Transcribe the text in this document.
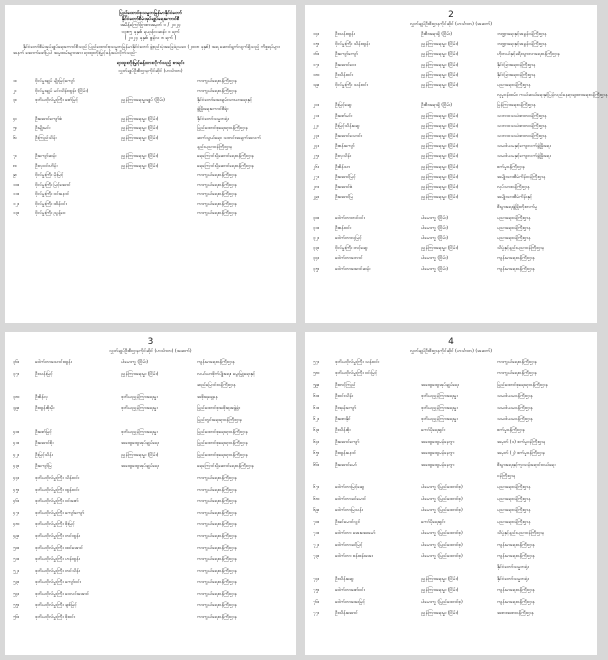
ပြည်ထောင်စုသမ္မတမြန်မာနိုင်ငံတော်
နိုင်ငံတော်စီမံအုပ်ချုပ်ရေးကောင်စီ
အမိန့်ကြော်ငြာစာအမှတ် ၁ / ၂၀၂၄
၁၃၈၅ ခုနှစ်၊ နယုန်လဆန်း ၁ ရက်
( ၂၀၂၄ ခုနှစ်၊ ဇွန်လ ၈ ရက် )
နိုင်ငံတော်စီမံအုပ်ချုပ်ရေးကောင်စီသည် ပြည်ထောင်စုသမ္မတမြန်မာနိုင်ငံတော် ဖွဲ့စည်းပုံအခြေခံဥပဒေ (၂၀၀၈ ခုနှစ်) အရ ဆောင်ရွက်လျက်ရှိသည့် ကိစ္စရပ်များအနက် အောက်ဖော်ပြပါ အမှုထမ်းများအား ရာထူးတိုးမြှင့်ခန့်အပ်လိုက်သည်-
ရာထူးတိုးမြှင့်ခန့်ထားလိုက်သည့် စာရင်း
လွှတ်ချုပ်ဦးစီးဌာနကိုင်ဆိုင် (ဟင်္သာတ)
၁။	ဗိုလ်မှူးချုပ် မျိုးမြင့်ကျော်	ကာကွယ်ရေးဝန်ကြီးဌာန
၂။	ဗိုလ်မှူးချုပ် မင်းသိန်းထွန်း (ငြိမ်း)	ကာကွယ်ရေးဝန်ကြီးဌာန
၃။	ဒုတိယဗိုလ်မှူးကြီး ဇော်မြင့်	ညွှန်ကြားရေးမှူးချုပ် (ငြိမ်း)	နိုင်ငံတော်အေးချမ်းသာယာရေးနှင့်
ဖွံ့ဖြိုးရေးကောင်စီရုံး
၄။	ဦးအောင်ကျော်ဇံ	ညွှန်ကြားရေးမှူး (ငြိမ်း)	နိုင်ငံတော်သမ္မတရုံး
၅။	ဦးမျိုးမင်း	ညွှန်ကြားရေးမှူး (ငြိမ်း)	ပြည်ထောင်စုရေးရာဝန်ကြီးဌာန
၆။	ဦးကြည်သိန်း	ညွှန်ကြားရေးမှူး (ငြိမ်း)	ဆက်သွယ်ရေး၊ သတင်းအချက်အလက်
နည်းပညာဝန်ကြီးဌာန
၇။	ဦးကျော်ဆန်း	ညွှန်ကြားရေးမှူး (ငြိမ်း)	ရေကြောင်းပို့ဆောင်ရေးဝန်ကြီးဌာန
၈။	ဦးလှဝင်းဟိန်း	ညွှန်ကြားရေးမှူး (ငြိမ်း)	ရေကြောင်းပို့ဆောင်ရေးဝန်ကြီးဌာန
၉။	ဗိုလ်မှူးကြီး မိုးမြင့်	ကာကွယ်ရေးဝန်ကြီးဌာန
၁၀။	ဗိုလ်မှူးကြီး မြင့်အောင်	ကာကွယ်ရေးဝန်ကြီးဌာန
၁၁။	ဗိုလ်မှူးကြီး ဝင်းနောင်	ကာကွယ်ရေးဝန်ကြီးဌာန
၁၂။	ဗိုလ်မှူးကြီး ထိန်ဝင်း	ကာကွယ်ရေးဝန်ကြီးဌာန
၁၃။	ဗိုလ်မှူးကြီး ညွန့်ဝေ	ကာကွယ်ရေးဝန်ကြီးဌာန
2
လွှတ်ချုပ်ဦးစီးဌာနကိုင်ဆိုင် (ဟင်္သာတ) (အဆက်)
၁၄။	ဦးသန်းထွန်း	ဦးစီးအရာရှိ (ငြိမ်း)	ဘဏ္ဍာရေးနှင့်အခွန်ဝန်ကြီးဌာန
၁၅။	ဗိုလ်မှူးကြီး သိန်းထွန်း	ညွှန်ကြားရေးမှူး (ငြိမ်း)	ဘဏ္ဍာရေးနှင့်အခွန်ဝန်ကြီးဌာန
၁၆။	ဦးကျော်ကျော်	ညွှန်ကြားရေးမှူး (ငြိမ်း)	ဟိုတယ်နှင့်ခရီးသွားလာရေးဝန်ကြီးဌာန
၁၇။	ဦးအောင်ဝေး	ညွှန်ကြားရေးမှူး (ငြိမ်း)	နိုင်ငံခြားရေးဝန်ကြီးဌာန
၁၈။	ဦးသိန်းဝင်း	ညွှန်ကြားရေးမှူး (ငြိမ်း)	နိုင်ငံခြားရေးဝန်ကြီးဌာန
၁၉။	ဗိုလ်မှူးကြီး သန်းဝင်း	ညွှန်ကြားရေးမှူး (ငြိမ်း)	ပညာရေးဝန်ကြီးဌာန
လူမှုဝန်ထမ်း၊ ကယ်ဆယ်ရေးနှင့်ပြန်လည်နေရာချထားရေးဝန်ကြီးဌာန
၂၀။	ဦးမြင့်ဆွေ	ဦးစီးအရာရှိ (ငြိမ်း)	ပြန်ကြားရေးဝန်ကြီးဌာန
၂၁။	ဦးဇော်မင်း	ညွှန်ကြားရေးမှူး (ငြိမ်း)	သဘာဝသယံဇာတဝန်ကြီးဌာန
၂၂။	ဦးမြင့်သိန်းဆွေ	ညွှန်ကြားရေးမှူး (ငြိမ်း)	သဘာဝသယံဇာတဝန်ကြီးဌာန
၂၃။	ဦးအောင်သောင်း	ညွှန်ကြားရေးမှူး (ငြိမ်း)	သဘာဝသယံဇာတဝန်ကြီးဌာန
၂၄။	ဦးစန်းကျော်	ညွှန်ကြားရေးမှူး (ငြိမ်း)	သမဝါယမနှင့်ကျေးလက်ဖွံ့ဖြိုးရေး
၂၅။	ဦးလှသိန်း	ညွှန်ကြားရေးမှူး (ငြိမ်း)	သမဝါယမနှင့်ကျေးလက်ဖွံ့ဖြိုးရေး
၂၆။	ဦးစိန်သာ	ညွှန်ကြားရေးမှူး (ငြိမ်း)	စက်မှုဝန်ကြီးဌာန
၂၇။	ဦးအောင်မြင့်	ညွှန်ကြားရေးမှူး (ငြိမ်း)	အမျိုးသားစီမံကိန်းဝန်ကြီးဌာန
၂၈။	ဦးအောင်ဇံ	ညွှန်ကြားရေးမှူး (ငြိမ်း)	လုပ်သားဝန်ကြီးဌာန
၂၉။	ဦးအောင်မြ	ညွှန်ကြားရေးမှူး (ငြိမ်း)	အမျိုးသားစီမံကိန်းနှင့်
စီးပွားရေးဖွံ့ဖြိုးတိုးတက်မှု
၃၀။	ဒေါက်တာတင်ဝင်း	ပါမောက္ခ (ငြိမ်း)	ပညာရေးဝန်ကြီးဌာန
၃၁။	ဦးစန်းဝင်း	ပါမောက္ခ (ငြိမ်း)	ပညာရေးဝန်ကြီးဌာန
၃၂။	ဒေါက်တာလှမြင့်	ပါမောက္ခ (ငြိမ်း)	ပညာရေးဝန်ကြီးဌာန
၃၃။	ဗိုလ်မှူးကြီး တင့်ဆွေ	ညွှန်ကြားရေးမှူး (ငြိမ်း)	သိပ္ပံနှင့်နည်းပညာဝန်ကြီးဌာန
၃၄။	ဒေါက်တာဘောင်	ပါမောက္ခ (ငြိမ်း)	ကျန်းမာရေးဝန်ကြီးဌာန
၃၅။	ဒေါက်တာအောင်ဆန်း	ပါမောက္ခ (ငြိမ်း)	ကျန်းမာရေးဝန်ကြီးဌာန
3
လွှတ်ချုပ်ဦးစီးဌာနကိုင်ဆိုင် (ဟင်္သာတ) (အဆက်)
၃၆။	ဒေါက်တာသောင်းထွန်း	ပါမောက္ခ (ငြိမ်း)	ကျန်းမာရေးဝန်ကြီးဌာန
၃၇။	ဦးသန်းမြင့်	ညွှန်ကြားရေးမှူး (ငြိမ်း)	လယ်ယာစိုက်ပျိုးရေး၊ မွေးမြူရေးနှင့်
ဆည်မြောင်းဝန်ကြီးဌာန
၃၈။	ဦးစိန်လှ	ဒုတိယညွှန်ကြားရေးမှူး	အစိုးရရှေ့နေ
၃၉။	ဦးထွန်းစိုးမိုး	ဒုတိယညွှန်ကြားရေးမှူး	ပြည်ထောင်စုအစိုးရအဖွဲ့ရုံး
ပြည်တွင်းရေးရာဝန်ကြီးဌာန
၄၀။	ဦးဇော်မြင့်	ဒုတိယညွှန်ကြားရေးမှူး	ပြည်ထောင်စုရေးရာဝန်ကြီးဌာန
၄၁။	ဦးအောင်စိုး	အထွေထွေအုပ်ချုပ်ရေး	ပြည်ထောင်စုရေးရာဝန်ကြီးဌာန
၄၂။	ဦးမြင့်သိန်း	ညွှန်ကြားရေးမှူး (ငြိမ်း)	ပြည်ထောင်စုရေးရာဝန်ကြီးဌာန
၄၃။	ဦးကျော်မြ	အထွေထွေအုပ်ချုပ်ရေး	ရေကြောင်းပို့ဆောင်ရေးဝန်ကြီးဌာန
၄၄။	ဒုတိယဗိုလ်မှူးကြီး သိန်းဝင်း	ကာကွယ်ရေးဝန်ကြီးဌာန
၄၅။	ဒုတိယဗိုလ်မှူးကြီး ထွန်းဝင်း	ကာကွယ်ရေးဝန်ကြီးဌာန
၄၆။	ဒုတိယဗိုလ်မှူးကြီး ဝင်းဇော်	ကာကွယ်ရေးဝန်ကြီးဌာန
၄၇။	ဒုတိယဗိုလ်မှူးကြီး ကျော်ကျော်	ကာကွယ်ရေးဝန်ကြီးဌာန
၄၈။	ဒုတိယဗိုလ်မှူးကြီး စိုးမြင့်	ကာကွယ်ရေးဝန်ကြီးဌာန
၄၉။	ဒုတိယဗိုလ်မှူးကြီး တင်ထွန်း	ကာကွယ်ရေးဝန်ကြီးဌာန
၅၀။	ဒုတိယဗိုလ်မှူးကြီး ထင်အောင်	ကာကွယ်ရေးဝန်ကြီးဌာန
၅၁။	ဒုတိယဗိုလ်မှူးကြီး ဟန်ထွန်း	ကာကွယ်ရေးဝန်ကြီးဌာန
၅၂။	ဒုတိယဗိုလ်မှူးကြီး တင်သိန်း	ကာကွယ်ရေးဝန်ကြီးဌာန
၅၃။	ဒုတိယဗိုလ်မှူးကြီး ကျော်ဝင်း	ကာကွယ်ရေးဝန်ကြီးဌာန
၅၄။	ဒုတိယဗိုလ်မှူးကြီး ဝေလင်းအောင်	ကာကွယ်ရေးဝန်ကြီးဌာန
၅၅။	ဒုတိယဗိုလ်မှူးကြီး ချစ်မြင့်	ကာကွယ်ရေးဝန်ကြီးဌာန
၅၆။	ဒုတိယဗိုလ်မှူးကြီး စိုးဝင်း	ကာကွယ်ရေးဝန်ကြီးဌာန
4
လွှတ်ချုပ်ဦးစီးဌာနကိုင်ဆိုင် (ဟင်္သာတ) (အဆက်)
၅၇။	ဒုတိယဗိုလ်မှူးကြီး သန်းဝင်း	ကာကွယ်ရေးဝန်ကြီးဌာန
၅၈။	ဒုတိယဗိုလ်မှူးကြီး ဝင်းမြင့်	ကာကွယ်ရေးဝန်ကြီးဌာန
၅၉။	ဦးတင့်ကြည်	အထွေထွေအုပ်ချုပ်ရေး	ပြည်ထောင်စုရေးရာဝန်ကြီးဌာန
၆၀။	ဦးဝင်းသိန်း	ဒုတိယညွှန်ကြားရေးမှူး	သမဝါယမဝန်ကြီးဌာန
၆၁။	ဦးအုန်းကျော်	ဒုတိယညွှန်ကြားရေးမှူး	သမဝါယမဝန်ကြီးဌာန
၆၂။	ဦးစောနိုင်	ဒုတိယညွှန်ကြားရေးမှူး	သမဝါယမဝန်ကြီးဌာန
၆၃။	ဦးသိန်းစိုး	ကော်ပိုရေးရှင်း	စက်မှုဝန်ကြီးဌာန
၆၄။	ဦးအောင်ကျော်	အထွေထွေမန်နေဂျာ	အမှတ် (၁) စက်မှုဝန်ကြီးဌာန
၆၅။	ဦးထွန်းနောင်	အထွေထွေမန်နေဂျာ	အမှတ် (၂) စက်မှုဝန်ကြီးဌာန
၆၆။	ဦးအောင်မော်	အထွေထွေမန်နေဂျာ	စီးပွားရေးနှင့်ကူးသန်းရောင်းဝယ်ရေး
ဝန်ကြီးဌာန
၆၇။	ဒေါက်တာမြင့်ဆွေ	ပါမောက္ခ (ပြည်ထောင်စု)	ပညာရေးဝန်ကြီးဌာန
၆၈။	ဒေါက်တာခင်မောင်	ပါမောက္ခ (ပြည်ထောင်စု)	ပညာရေးဝန်ကြီးဌာန
၆၉။	ဒေါက်တာမြသန်း	ပါမောက္ခ (ပြည်ထောင်စု)	ပညာရေးဝန်ကြီးဌာန
၇၀။	ဦးခင်မောင်လွင်	ကော်ပိုရေးရှင်း	ပညာရေးဝန်ကြီးဌာန
၇၁။	ဒေါက်တာ အေးအေးမော်	ပါမောက္ခ (ပြည်ထောင်စု)	သိပ္ပံနှင့်နည်းပညာဝန်ကြီးဌာန
၇၂။	ဒေါက်တာခင်မြင့်	ပါမောက္ခ (ပြည်ထောင်စု)	ကျန်းမာရေးဝန်ကြီးဌာန
၇၃။	ဒေါက်တာ စန်းစန်းအေး	ပါမောက္ခ (ပြည်ထောင်စု)	ကျန်းမာရေးဝန်ကြီးဌာန
နိုင်ငံတော်သမ္မတရုံး
၇၄။	ဦးသိန်းဆွေ	ညွှန်ကြားရေးမှူး (ငြိမ်း)	နိုင်ငံတော်သမ္မတရုံး
၇၅။	ဒေါက်တာဇော်ဝင်း	ညွှန်ကြားရေးမှူး (ငြိမ်း)	ကျန်းမာရေးဝန်ကြီးဌာန
၇၆။	ဒေါက်တာအေးမြင့်	ပါမောက္ခ (ပြည်ထောင်စု)	ကျန်းမာရေးဝန်ကြီးဌာန
၇၇။	ဦးသိန်းအောင်	ညွှန်ကြားရေးမှူး (ငြိမ်း)	အစားအစာဝန်ကြီးဌာန
